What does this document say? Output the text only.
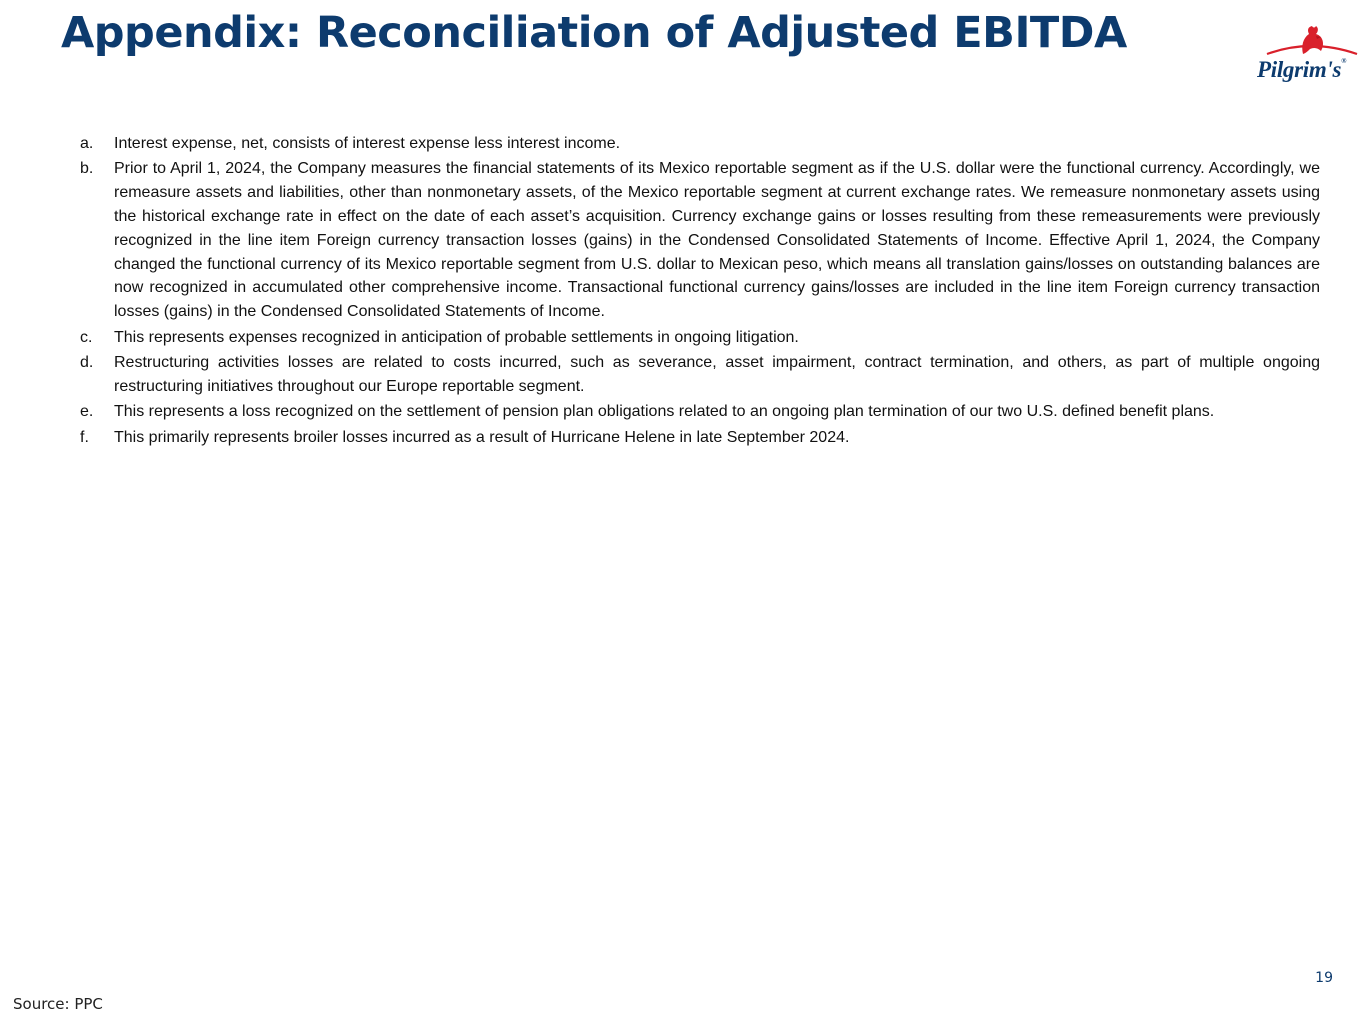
Appendix: Reconciliation of Adjusted EBITDA
Pilgrim's®
a.	Interest expense, net, consists of interest expense less interest income.
b.	Prior to April 1, 2024, the Company measures the financial statements of its Mexico reportable segment as if the U.S. dollar were the functional currency. Accordingly, we remeasure assets and liabilities, other than nonmonetary assets, of the Mexico reportable segment at current exchange rates. We remeasure nonmonetary assets using the historical exchange rate in effect on the date of each asset’s acquisition. Currency exchange gains or losses resulting from these remeasurements were previously recognized in the line item Foreign currency transaction losses (gains) in the Condensed Consolidated Statements of Income. Effective April 1, 2024, the Company changed the functional currency of its Mexico reportable segment from U.S. dollar to Mexican peso, which means all translation gains/losses on outstanding balances are now recognized in accumulated other comprehensive income. Transactional functional currency gains/losses are included in the line item Foreign currency transaction losses (gains) in the Condensed Consolidated Statements of Income.
c.	This represents expenses recognized in anticipation of probable settlements in ongoing litigation.
d.	Restructuring activities losses are related to costs incurred, such as severance, asset impairment, contract termination, and others, as part of multiple ongoing restructuring initiatives throughout our Europe reportable segment.
e.	This represents a loss recognized on the settlement of pension plan obligations related to an ongoing plan termination of our two U.S. defined benefit plans.
f.	This primarily represents broiler losses incurred as a result of Hurricane Helene in late September 2024.
19
Source: PPC
